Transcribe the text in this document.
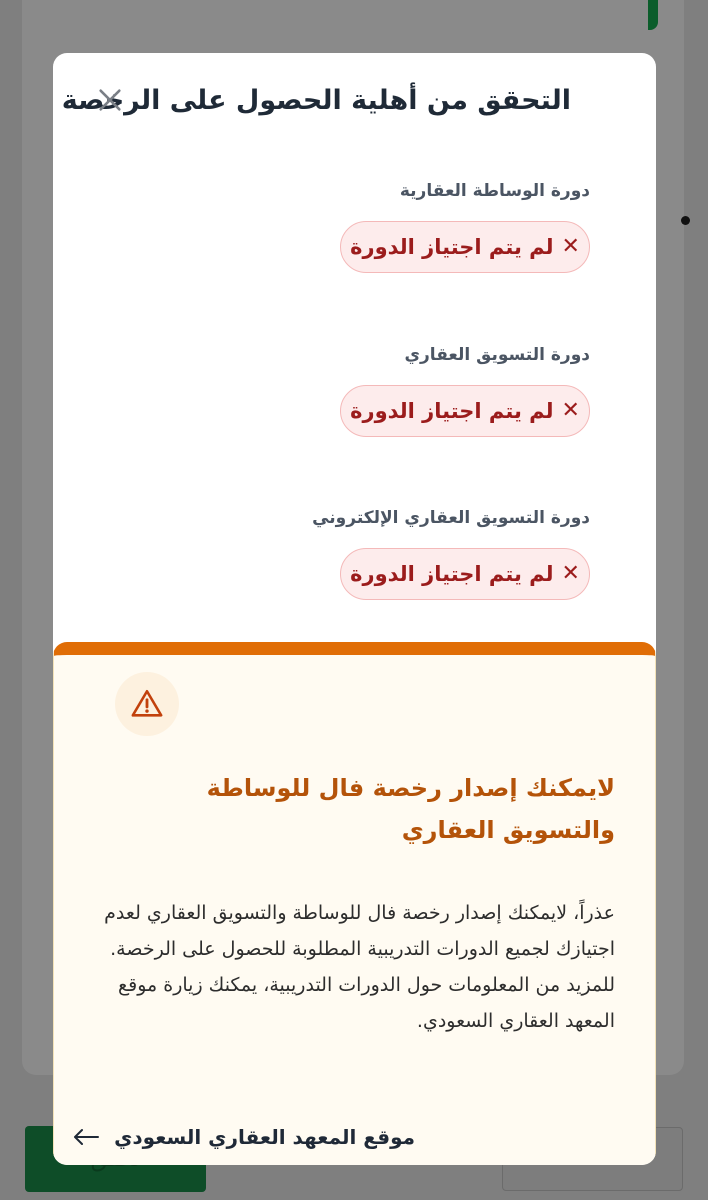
التحقق من أهلية الحصول على الرخصة
دورة الوساطة العقارية
✕
لم يتم اجتياز الدورة
دورة التسويق العقاري
✕
لم يتم اجتياز الدورة
دورة التسويق العقاري الإلكتروني
✕
لم يتم اجتياز الدورة
لايمكنك إصدار رخصة فال للوساطة والتسويق العقاري
عذراً، لايمكنك إصدار رخصة فال للوساطة والتسويق العقاري لعدم اجتيازك لجميع الدورات التدريبية المطلوبة للحصول على الرخصة. للمزيد من المعلومات حول الدورات التدريبية، يمكنك زيارة موقع المعهد العقاري السعودي.
موقع المعهد العقاري السعودي
